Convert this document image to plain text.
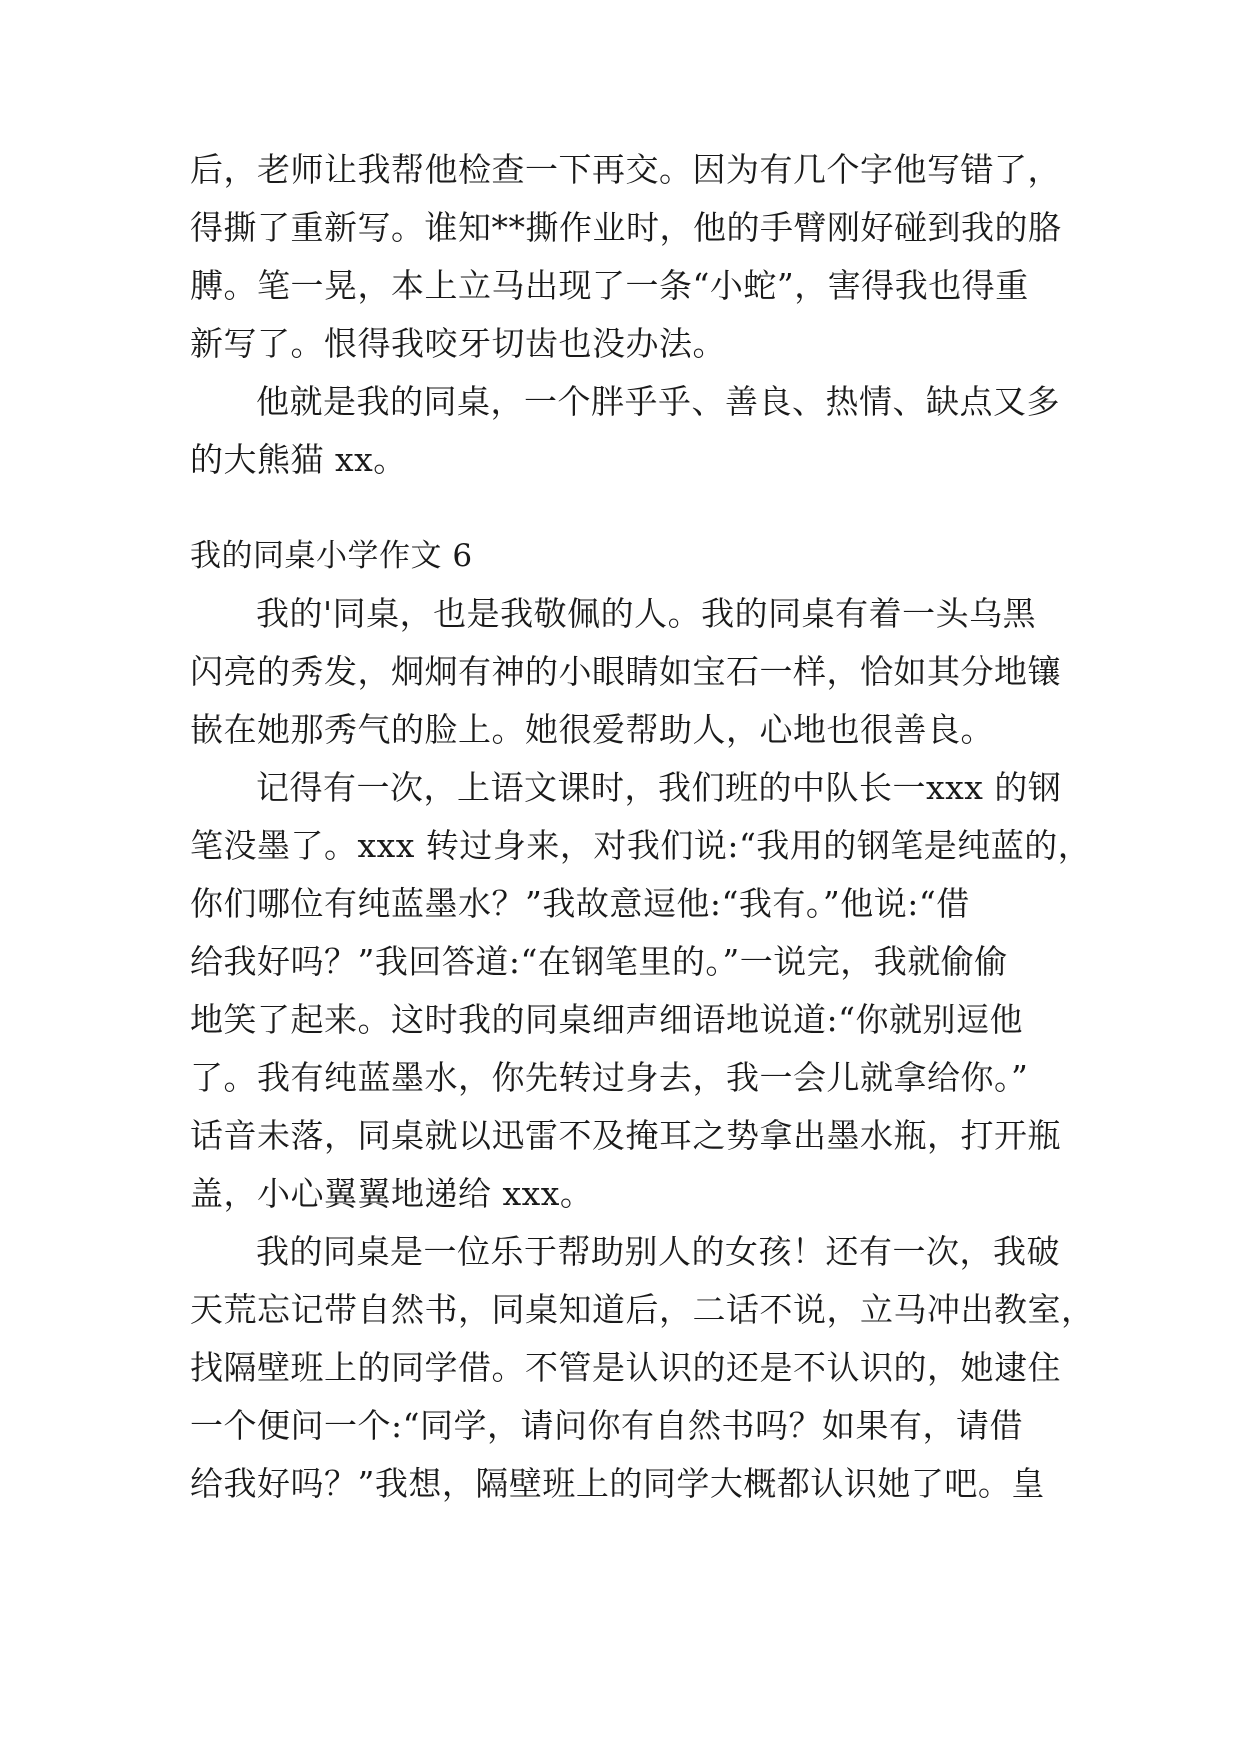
后，老师让我帮他检查一下再交。因为有几个字他写错了，
得撕了重新写。谁知**撕作业时，他的手臂刚好碰到我的胳
膊。笔一晃，本上立马出现了一条“小蛇”，害得我也得重
新写了。恨得我咬牙切齿也没办法。
他就是我的同桌，一个胖乎乎、善良、热情、缺点又多
的大熊猫 xx。
我的同桌小学作文 6
我的'同桌，也是我敬佩的人。我的同桌有着一头乌黑
闪亮的秀发，炯炯有神的小眼睛如宝石一样，恰如其分地镶
嵌在她那秀气的脸上。她很爱帮助人，心地也很善良。
记得有一次，上语文课时，我们班的中队长一xxx 的钢
笔没墨了。xxx 转过身来，对我们说:“我用的钢笔是纯蓝的，
你们哪位有纯蓝墨水？”我故意逗他:“我有。”他说:“借
给我好吗？”我回答道:“在钢笔里的。”一说完，我就偷偷
地笑了起来。这时我的同桌细声细语地说道:“你就别逗他
了。我有纯蓝墨水，你先转过身去，我一会儿就拿给你。”
话音未落，同桌就以迅雷不及掩耳之势拿出墨水瓶，打开瓶
盖，小心翼翼地递给 xxx。
我的同桌是一位乐于帮助别人的女孩！还有一次，我破
天荒忘记带自然书，同桌知道后，二话不说，立马冲出教室，
找隔壁班上的同学借。不管是认识的还是不认识的，她逮住
一个便问一个:“同学，请问你有自然书吗？如果有，请借
给我好吗？”我想，隔壁班上的同学大概都认识她了吧。皇
